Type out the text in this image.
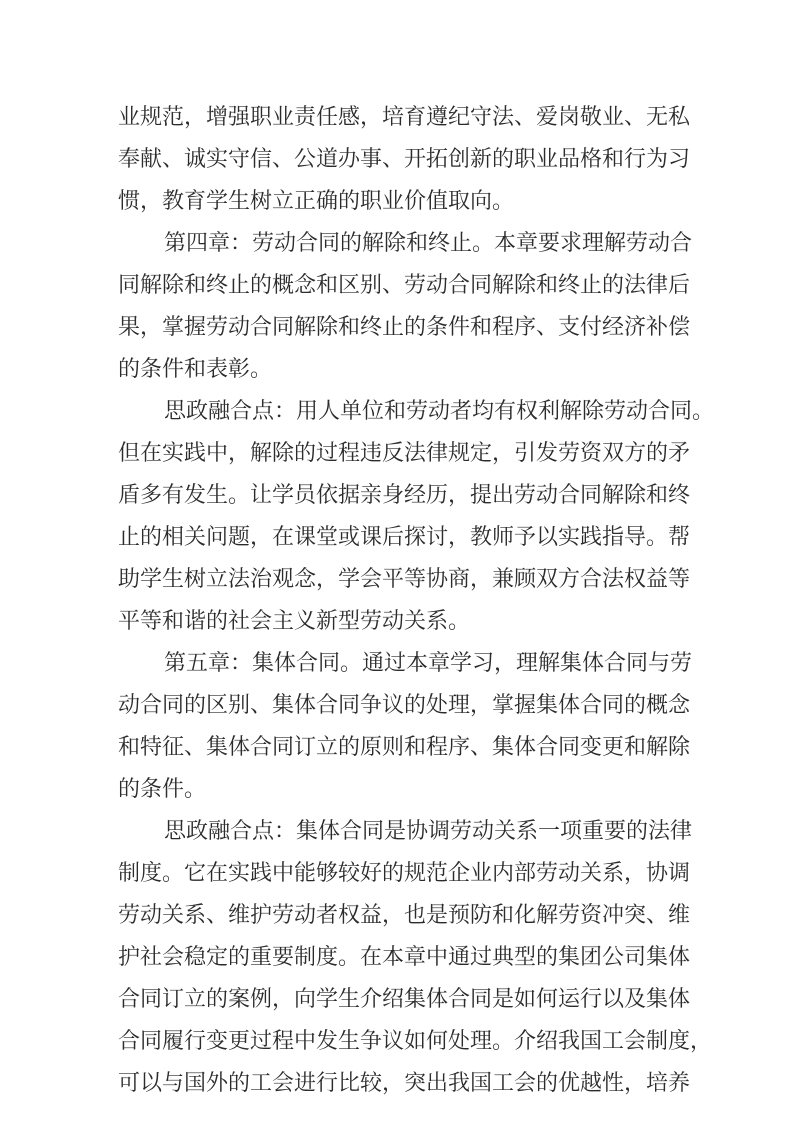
业规范，增强职业责任感，培育遵纪守法、爱岗敬业、无私
奉献、诚实守信、公道办事、开拓创新的职业品格和行为习
惯，教育学生树立正确的职业价值取向。
第四章：劳动合同的解除和终止。本章要求理解劳动合
同解除和终止的概念和区别、劳动合同解除和终止的法律后
果，掌握劳动合同解除和终止的条件和程序、支付经济补偿
的条件和表彰。
思政融合点：用人单位和劳动者均有权利解除劳动合同。
但在实践中，解除的过程违反法律规定，引发劳资双方的矛
盾多有发生。让学员依据亲身经历，提出劳动合同解除和终
止的相关问题，在课堂或课后探讨，教师予以实践指导。帮
助学生树立法治观念，学会平等协商，兼顾双方合法权益等
平等和谐的社会主义新型劳动关系。
第五章：集体合同。通过本章学习，理解集体合同与劳
动合同的区别、集体合同争议的处理，掌握集体合同的概念
和特征、集体合同订立的原则和程序、集体合同变更和解除
的条件。
思政融合点：集体合同是协调劳动关系一项重要的法律
制度。它在实践中能够较好的规范企业内部劳动关系，协调
劳动关系、维护劳动者权益，也是预防和化解劳资冲突、维
护社会稳定的重要制度。在本章中通过典型的集团公司集体
合同订立的案例，向学生介绍集体合同是如何运行以及集体
合同履行变更过程中发生争议如何处理。介绍我国工会制度，
可以与国外的工会进行比较，突出我国工会的优越性，培养
